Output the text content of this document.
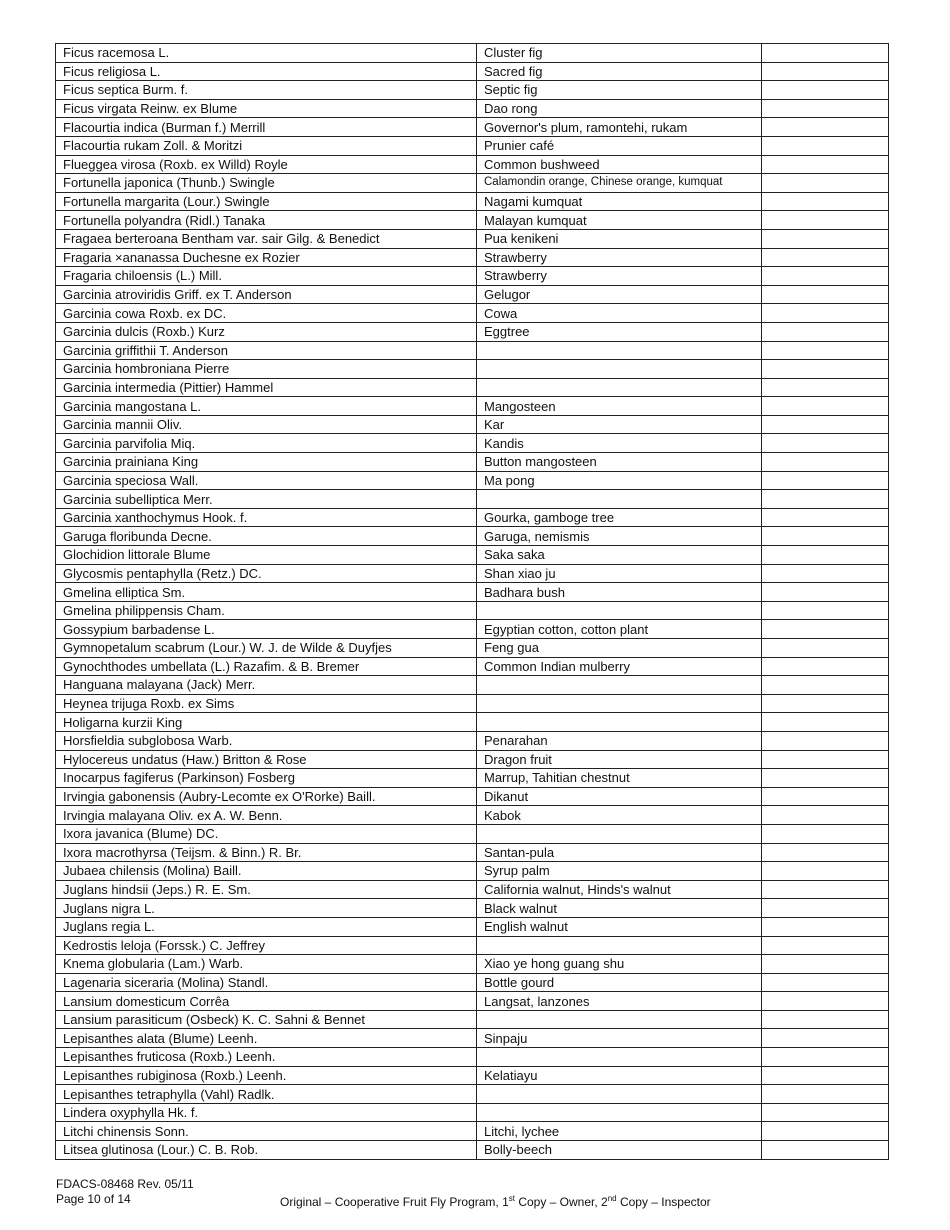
Ficus racemosa L.	Cluster fig	
Ficus religiosa L.	Sacred fig	
Ficus septica Burm. f.	Septic fig	
Ficus virgata Reinw. ex Blume	Dao rong	
Flacourtia indica (Burman f.) Merrill	Governor's plum, ramontehi, rukam	
Flacourtia rukam Zoll. & Moritzi	Prunier café	
Flueggea virosa (Roxb. ex Willd) Royle	Common bushweed	
Fortunella japonica (Thunb.) Swingle	Calamondin orange, Chinese orange, kumquat	
Fortunella margarita (Lour.) Swingle	Nagami kumquat	
Fortunella polyandra (Ridl.) Tanaka	Malayan kumquat	
Fragaea berteroana Bentham var. sair Gilg. & Benedict	Pua kenikeni	
Fragaria ×ananassa Duchesne ex Rozier	Strawberry	
Fragaria chiloensis (L.) Mill.	Strawberry	
Garcinia atroviridis Griff. ex T. Anderson	Gelugor	
Garcinia cowa Roxb. ex DC.	Cowa	
Garcinia dulcis (Roxb.) Kurz	Eggtree	
Garcinia griffithii T. Anderson		
Garcinia hombroniana Pierre		
Garcinia intermedia (Pittier) Hammel		
Garcinia mangostana L.	Mangosteen	
Garcinia mannii Oliv.	Kar	
Garcinia parvifolia Miq.	Kandis	
Garcinia prainiana King	Button mangosteen	
Garcinia speciosa Wall.	Ma pong	
Garcinia subelliptica Merr.		
Garcinia xanthochymus Hook. f.	Gourka, gamboge tree	
Garuga floribunda Decne.	Garuga, nemismis	
Glochidion littorale Blume	Saka saka	
Glycosmis pentaphylla (Retz.) DC.	Shan xiao ju	
Gmelina elliptica Sm.	Badhara bush	
Gmelina philippensis Cham.		
Gossypium barbadense L.	Egyptian cotton, cotton plant	
Gymnopetalum scabrum (Lour.) W. J. de Wilde & Duyfjes	Feng gua	
Gynochthodes umbellata (L.) Razafim. & B. Bremer	Common Indian mulberry	
Hanguana malayana (Jack) Merr.		
Heynea trijuga Roxb. ex Sims		
Holigarna kurzii King		
Horsfieldia subglobosa Warb.	Penarahan	
Hylocereus undatus (Haw.) Britton & Rose	Dragon fruit	
Inocarpus fagiferus (Parkinson) Fosberg	Marrup, Tahitian chestnut	
Irvingia gabonensis (Aubry-Lecomte ex O'Rorke) Baill.	Dikanut	
Irvingia malayana Oliv. ex A. W. Benn.	Kabok	
Ixora javanica (Blume) DC.		
Ixora macrothyrsa (Teijsm. & Binn.) R. Br.	Santan-pula	
Jubaea chilensis (Molina) Baill.	Syrup palm	
Juglans hindsii (Jeps.) R. E. Sm.	California walnut, Hinds's walnut	
Juglans nigra L.	Black walnut	
Juglans regia L.	English walnut	
Kedrostis leloja (Forssk.) C. Jeffrey		
Knema globularia (Lam.) Warb.	Xiao ye hong guang shu	
Lagenaria siceraria (Molina) Standl.	Bottle gourd	
Lansium domesticum Corrêa	Langsat, lanzones	
Lansium parasiticum (Osbeck) K. C. Sahni & Bennet		
Lepisanthes alata (Blume) Leenh.	Sinpaju	
Lepisanthes fruticosa (Roxb.) Leenh.		
Lepisanthes rubiginosa (Roxb.) Leenh.	Kelatiayu	
Lepisanthes tetraphylla (Vahl) Radlk.		
Lindera oxyphylla Hk. f.		
Litchi chinensis Sonn.	Litchi, lychee	
Litsea glutinosa (Lour.) C. B. Rob.	Bolly-beech	
FDACS-08468 Rev. 05/11
Page 10 of 14	Original – Cooperative Fruit Fly Program, 1st Copy – Owner, 2nd Copy – Inspector
